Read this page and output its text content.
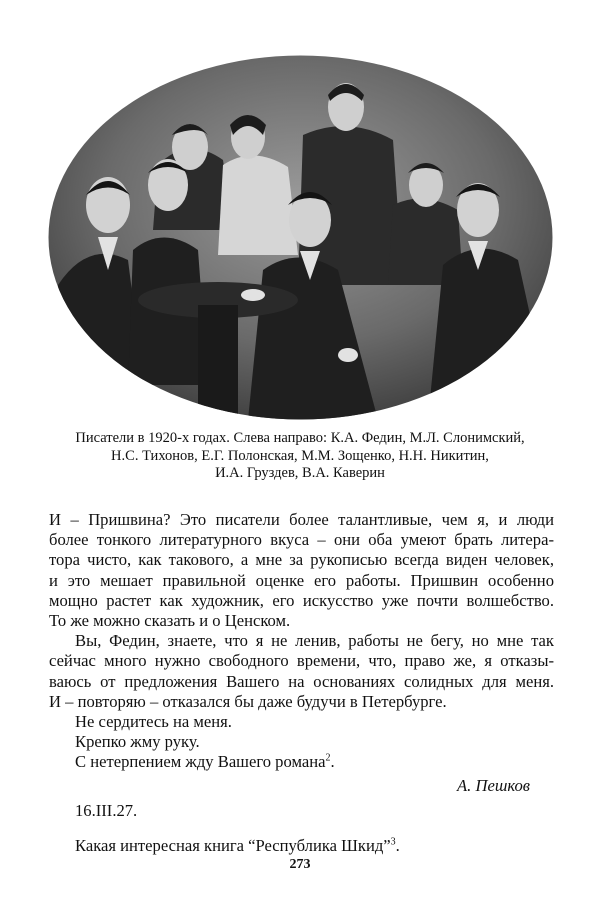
Писатели в 1920-х годах. Слева направо: К.А. Федин, М.Л. Слонимский,
Н.С. Тихонов, Е.Г. Полонская, М.М. Зощенко, Н.Н. Никитин,
И.А. Груздев, В.А. Каверин
И – Пришвина? Это писатели более талантливые, чем я, и люди
более тонкого литературного вкуса – они оба умеют брать литера-
тора чисто, как такового, а мне за рукописью всегда виден человек,
и это мешает правильной оценке его работы. Пришвин особенно
мощно растет как художник, его искусство уже почти волшебство.
То же можно сказать и о Ценском.
Вы, Федин, знаете, что я не ленив, работы не бегу, но мне так
сейчас много нужно свободного времени, что, право же, я отказы-
ваюсь от предложения Вашего на основаниях солидных для меня.
И – повторяю – отказался бы даже будучи в Петербурге.
Не сердитесь на меня.
Крепко жму руку.
С нетерпением жду Вашего романа$^2$.
А. Пешков
16.III.27.
Какая интересная книга “Республика Шкид”$^3$.
273
